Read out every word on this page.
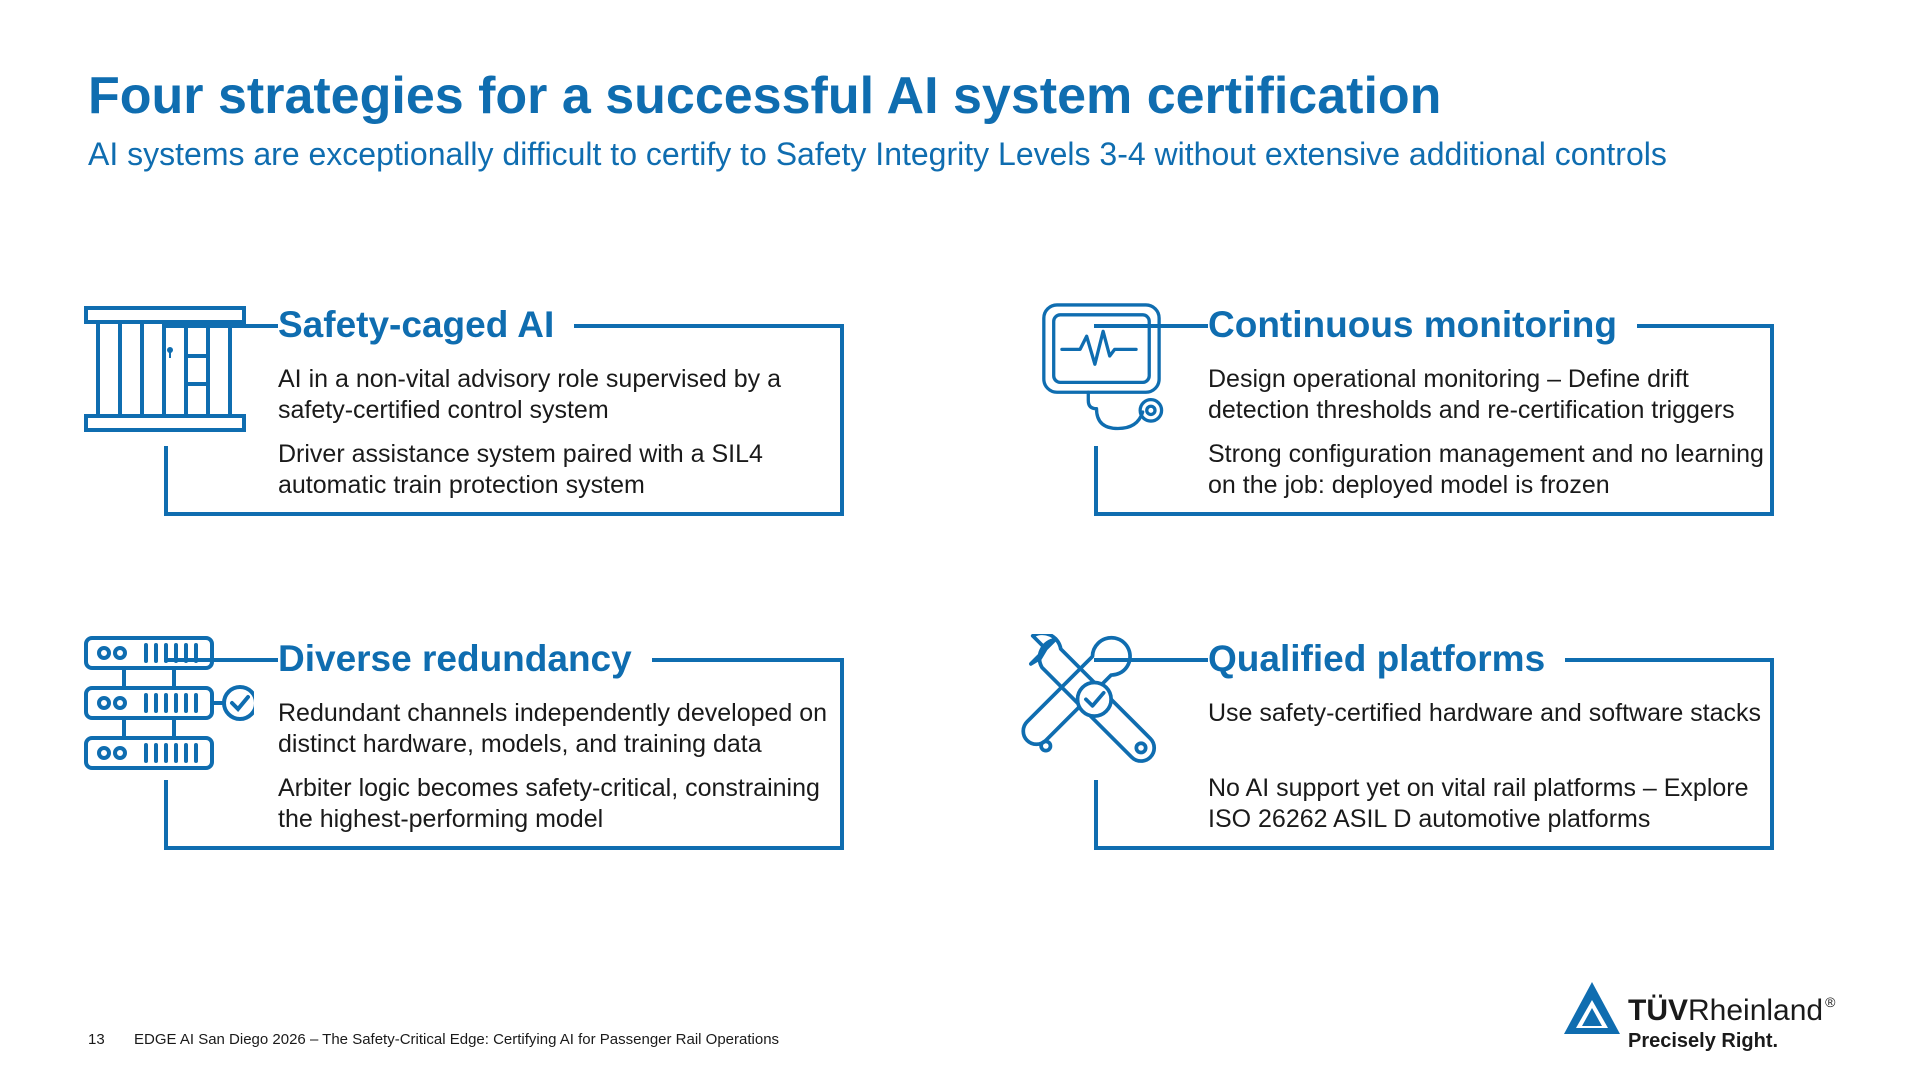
Four strategies for a successful AI system certification

AI systems are exceptionally difficult to certify to Safety Integrity Levels 3-4 without extensive additional controls

Safety-caged AI
AI in a non-vital advisory role supervised by a safety-certified control system
Driver assistance system paired with a SIL4 automatic train protection system
Continuous monitoring
Design operational monitoring – Define drift detection thresholds and re-certification triggers
Strong configuration management and no learning on the job: deployed model is frozen
Diverse redundancy
Redundant channels independently developed on distinct hardware, models, and training data
Arbiter logic becomes safety-critical, constraining the highest-performing model
Qualified platforms
Use safety-certified hardware and software stacks
No AI support yet on vital rail platforms – Explore ISO 26262 ASIL D automotive platforms
13 EDGE AI San Diego 2026 – The Safety-Critical Edge: Certifying AI for Passenger Rail Operations
TÜVRheinland ®
Precisely Right.
